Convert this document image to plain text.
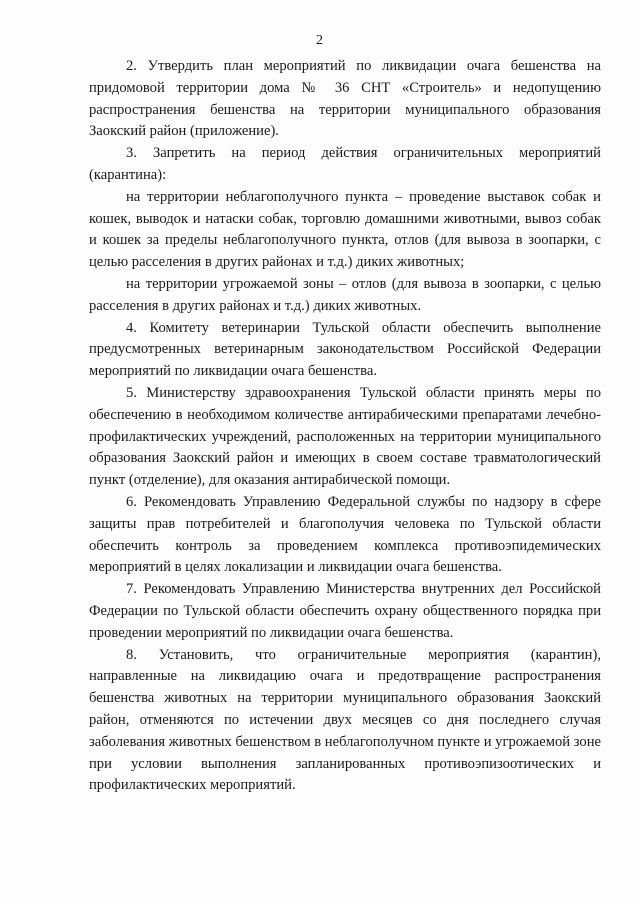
2

2. Утвердить план мероприятий по ликвидации очага бешенства на придомовой территории дома № 36 СНТ «Строитель» и недопущению распространения бешенства на территории муниципального образования Заокский район (приложение).

3. Запретить на период действия ограничительных мероприятий (карантина):

на территории неблагополучного пункта – проведение выставок собак и кошек, выводок и натаски собак, торговлю домашними животными, вывоз собак и кошек за пределы неблагополучного пункта, отлов (для вывоза в зоопарки, с целью расселения в других районах и т.д.) диких животных;

на территории угрожаемой зоны – отлов (для вывоза в зоопарки, с целью расселения в других районах и т.д.) диких животных.

4. Комитету ветеринарии Тульской области обеспечить выполнение предусмотренных ветеринарным законодательством Российской Федерации мероприятий по ликвидации очага бешенства.

5. Министерству здравоохранения Тульской области принять меры по обеспечению в необходимом количестве антирабическими препаратами лечебно-профилактических учреждений, расположенных на территории муниципального образования Заокский район и имеющих в своем составе травматологический пункт (отделение), для оказания антирабической помощи.

6. Рекомендовать Управлению Федеральной службы по надзору в сфере защиты прав потребителей и благополучия человека по Тульской области обеспечить контроль за проведением комплекса противоэпидемических мероприятий в целях локализации и ликвидации очага бешенства.

7. Рекомендовать Управлению Министерства внутренних дел Российской Федерации по Тульской области обеспечить охрану общественного порядка при проведении мероприятий по ликвидации очага бешенства.

8. Установить, что ограничительные мероприятия (карантин), направленные на ликвидацию очага и предотвращение распространения бешенства животных на территории муниципального образования Заокский район, отменяются по истечении двух месяцев со дня последнего случая заболевания животных бешенством в неблагополучном пункте и угрожаемой зоне при условии выполнения запланированных противоэпизоотических и профилактических мероприятий.
